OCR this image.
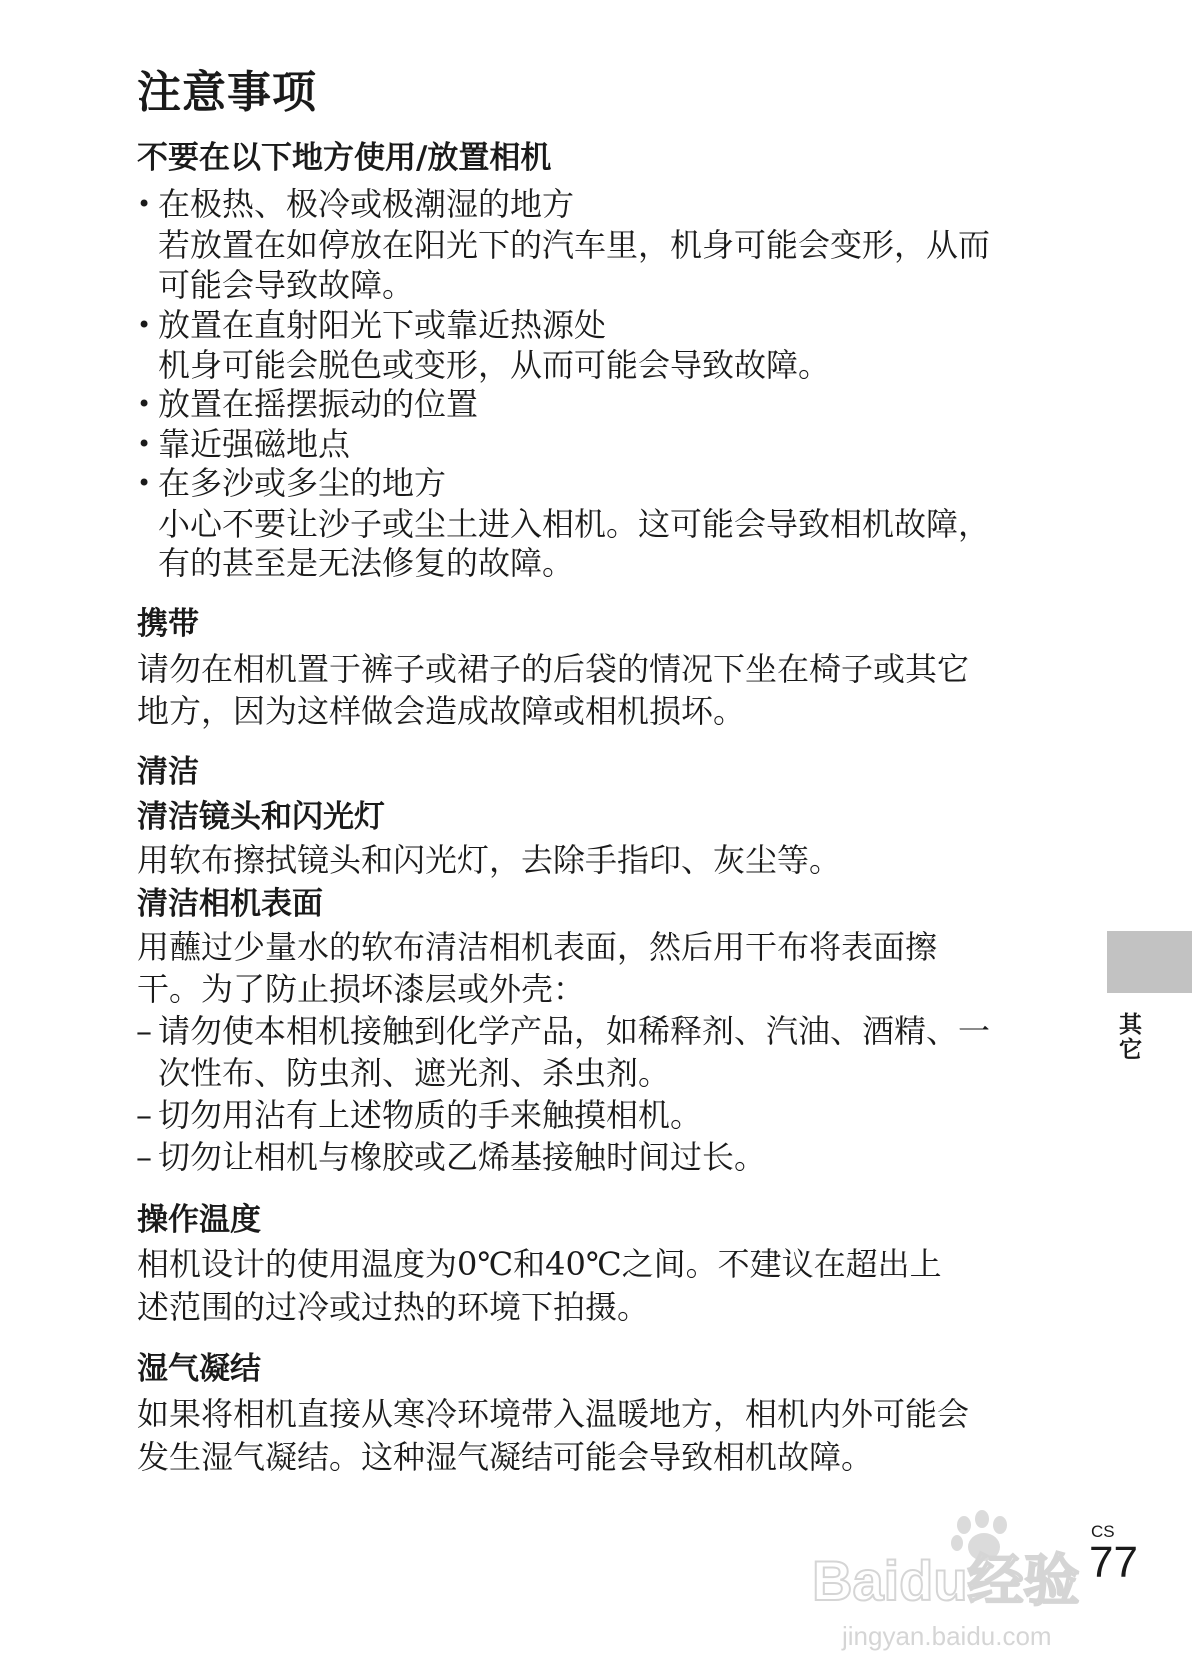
注意事项
不要在以下地方使用/放置相机

• 在极热、极冷或极潮湿的地方

若放置在如停放在阳光下的汽车里，机身可能会变形，从而

可能会导致故障。

• 放置在直射阳光下或靠近热源处

机身可能会脱色或变形，从而可能会导致故障。

• 放置在摇摆振动的位置

• 靠近强磁地点

• 在多沙或多尘的地方

小心不要让沙子或尘土进入相机。这可能会导致相机故障，

有的甚至是无法修复的故障。

携带

请勿在相机置于裤子或裙子的后袋的情况下坐在椅子或其它

地方，因为这样做会造成故障或相机损坏。

清洁
清洁镜头和闪光灯

用软布擦拭镜头和闪光灯，去除手指印、灰尘等。

清洁相机表面

用蘸过少量水的软布清洁相机表面，然后用干布将表面擦

干。为了防止损坏漆层或外壳：

– 请勿使本相机接触到化学产品，如稀释剂、汽油、酒精、一

次性布、防虫剂、遮光剂、杀虫剂。

– 切勿用沾有上述物质的手来触摸相机。

– 切勿让相机与橡胶或乙烯基接触时间过长。

操作温度

相机设计的使用温度为0℃和40℃之间。不建议在超出上

述范围的过冷或过热的环境下拍摄。

湿气凝结

如果将相机直接从寒冷环境带入温暖地方，相机内外可能会

发生湿气凝结。这种湿气凝结可能会导致相机故障。

其它
CS
77
Baidu经验
jingyan.baidu.com
